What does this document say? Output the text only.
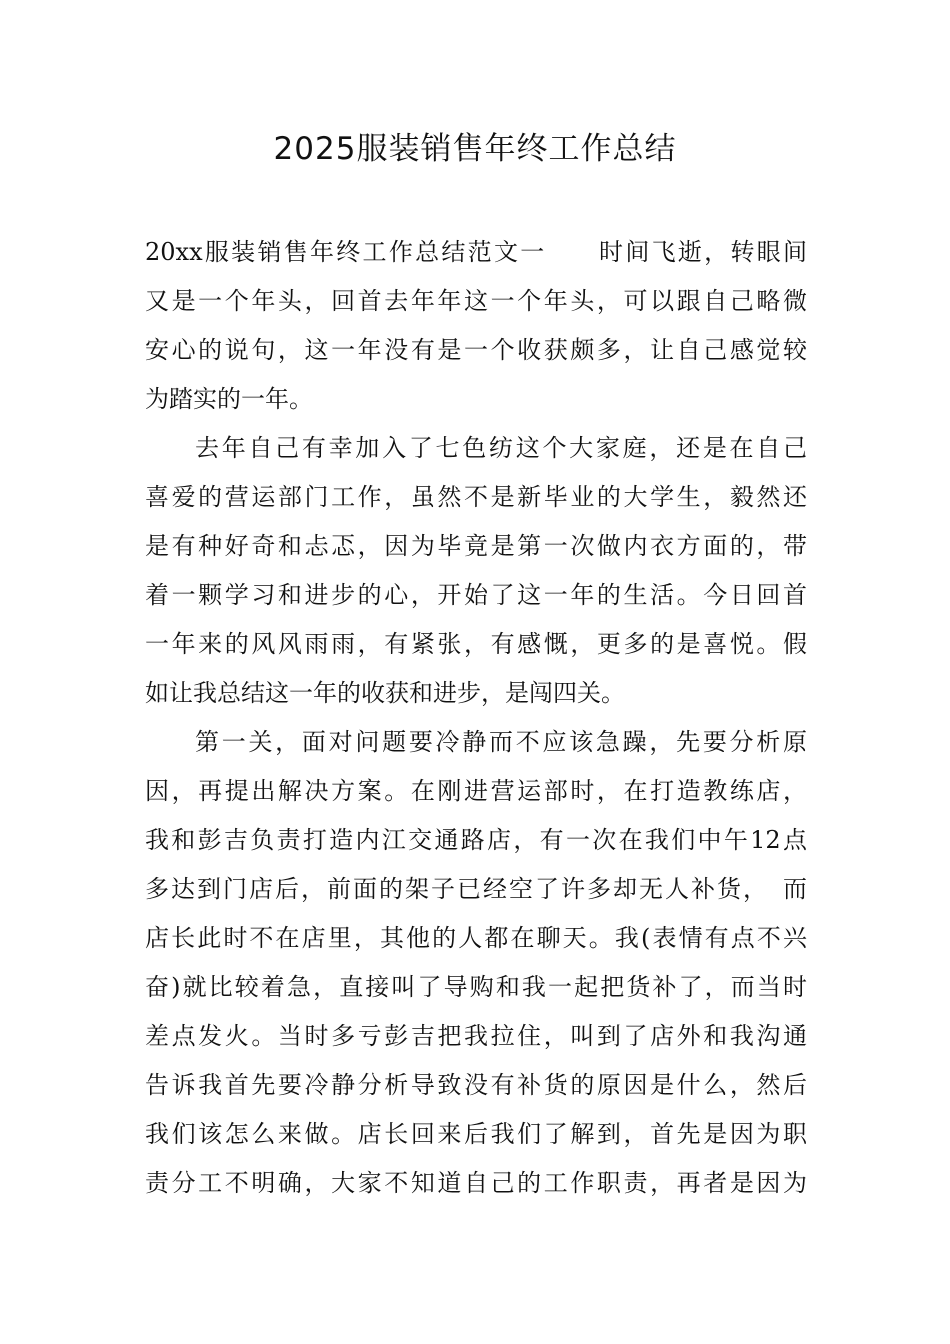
2025服装销售年终工作总结
20xx服装销售年终工作总结范文一　　时间飞逝，转眼间
又是一个年头，回首去年年这一个年头，可以跟自己略微
安心的说句，这一年没有是一个收获颇多，让自己感觉较
为踏实的一年。
去年自己有幸加入了七色纺这个大家庭，还是在自己
喜爱的营运部门工作，虽然不是新毕业的大学生，毅然还
是有种好奇和忐忑，因为毕竟是第一次做内衣方面的，带
着一颗学习和进步的心，开始了这一年的生活。今日回首
一年来的风风雨雨，有紧张，有感慨，更多的是喜悦。假
如让我总结这一年的收获和进步，是闯四关。
第一关，面对问题要冷静而不应该急躁，先要分析原
因，再提出解决方案。在刚进营运部时，在打造教练店，
我和彭吉负责打造内江交通路店，有一次在我们中午12点
多达到门店后，前面的架子已经空了许多却无人补货，　而
店长此时不在店里，其他的人都在聊天。我(表情有点不兴
奋)就比较着急，直接叫了导购和我一起把货补了，而当时
差点发火。当时多亏彭吉把我拉住，叫到了店外和我沟通
告诉我首先要冷静分析导致没有补货的原因是什么，然后
我们该怎么来做。店长回来后我们了解到，首先是因为职
责分工不明确，大家不知道自己的工作职责，再者是因为
